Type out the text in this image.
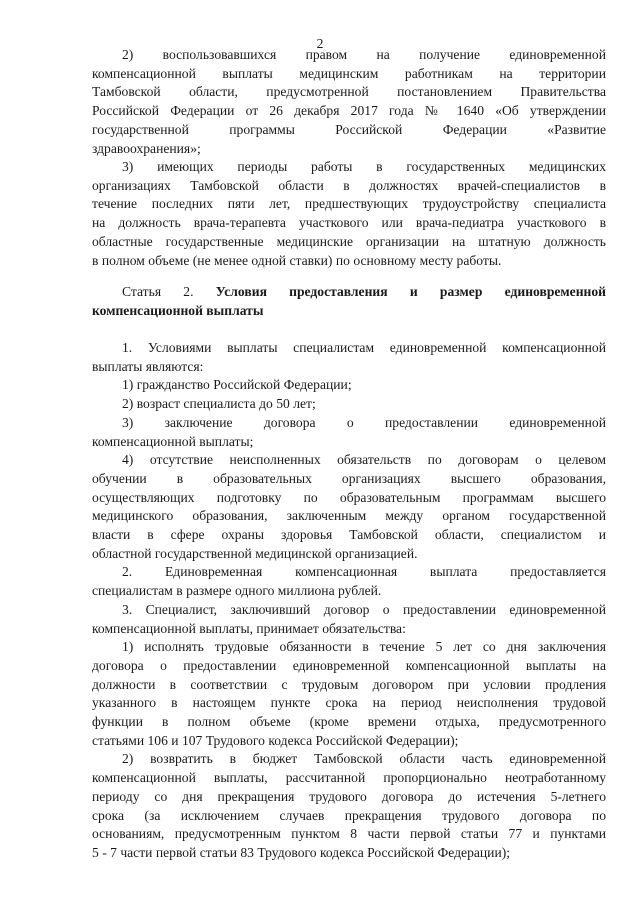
2
2) воспользовавшихся правом на получение единовременной
компенсационной выплаты медицинским работникам на территории
Тамбовской области, предусмотренной постановлением Правительства
Российской Федерации от 26 декабря 2017 года № 1640 «Об утверждении
государственной программы Российской Федерации «Развитие
здравоохранения»;
3) имеющих периоды работы в государственных медицинских
организациях Тамбовской области в должностях врачей-специалистов в
течение последних пяти лет, предшествующих трудоустройству специалиста
на должность врача-терапевта участкового или врача-педиатра участкового в
областные государственные медицинские организации на штатную должность
в полном объеме (не менее одной ставки) по основному месту работы.
Статья 2. Условия предоставления и размер единовременной
компенсационной выплаты
1. Условиями выплаты специалистам единовременной компенсационной
выплаты являются:
1) гражданство Российской Федерации;
2) возраст специалиста до 50 лет;
3) заключение договора о предоставлении единовременной
компенсационной выплаты;
4) отсутствие неисполненных обязательств по договорам о целевом
обучении в образовательных организациях высшего образования,
осуществляющих подготовку по образовательным программам высшего
медицинского образования, заключенным между органом государственной
власти в сфере охраны здоровья Тамбовской области, специалистом и
областной государственной медицинской организацией.
2. Единовременная компенсационная выплата предоставляется
специалистам в размере одного миллиона рублей.
3. Специалист, заключивший договор о предоставлении единовременной
компенсационной выплаты, принимает обязательства:
1) исполнять трудовые обязанности в течение 5 лет со дня заключения
договора о предоставлении единовременной компенсационной выплаты на
должности в соответствии с трудовым договором при условии продления
указанного в настоящем пункте срока на период неисполнения трудовой
функции в полном объеме (кроме времени отдыха, предусмотренного
статьями 106 и 107 Трудового кодекса Российской Федерации);
2) возвратить в бюджет Тамбовской области часть единовременной
компенсационной выплаты, рассчитанной пропорционально неотработанному
периоду со дня прекращения трудового договора до истечения 5-летнего
срока (за исключением случаев прекращения трудового договора по
основаниям, предусмотренным пунктом 8 части первой статьи 77 и пунктами
5 - 7 части первой статьи 83 Трудового кодекса Российской Федерации);
